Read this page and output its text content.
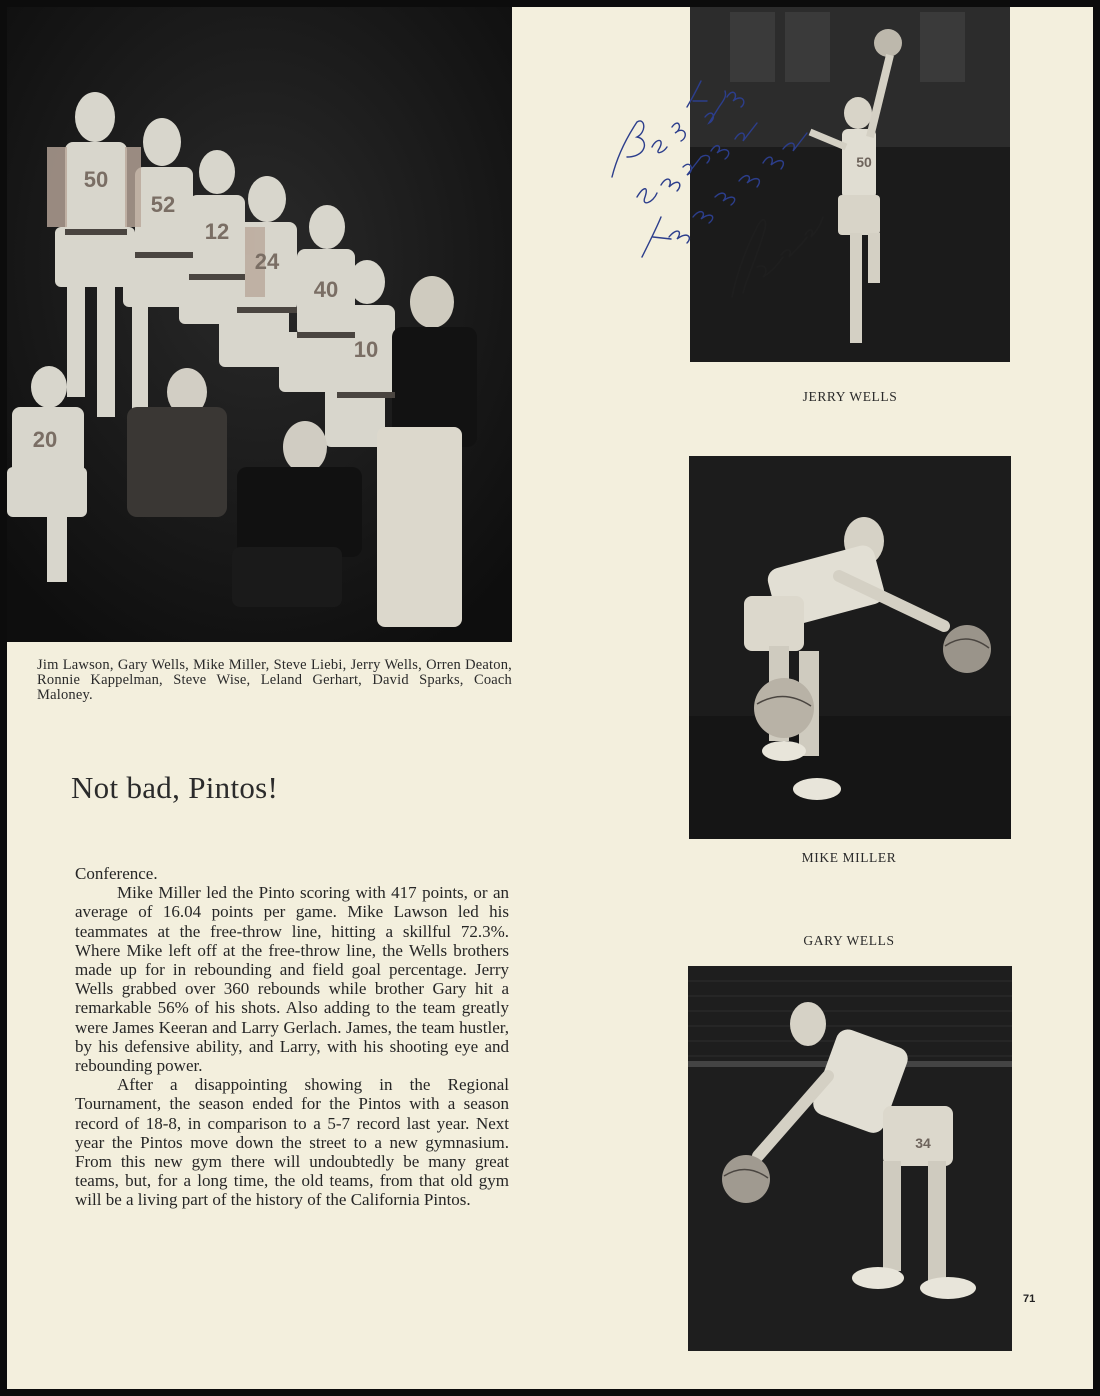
50
52
12
24
40
10
20
Jim Lawson, Gary Wells, Mike Miller, Steve Liebi, Jerry Wells, Orren Deaton, Ronnie Kappelman, Steve Wise, Leland Gerhart, David Sparks, Coach Maloney.
Not bad, Pintos!

Conference.

Mike Miller led the Pinto scoring with 417 points, or an average of 16.04 points per game. Mike Lawson led his teammates at the free-throw line, hitting a skillful 72.3%. Where Mike left off at the free-throw line, the Wells brothers made up for in rebounding and field goal percentage. Jerry Wells grabbed over 360 rebounds while brother Gary hit a remarkable 56% of his shots. Also adding to the team greatly were James Keeran and Larry Gerlach. James, the team hustler, by his defensive ability, and Larry, with his shooting eye and rebounding power.

After a disappointing showing in the Regional Tournament, the season ended for the Pintos with a season record of 18-8, in comparison to a 5-7 record last year. Next year the Pintos move down the street to a new gymnasium. From this new gym there will undoubtedly be many great teams, but, for a long time, the old teams, from that old gym will be a living part of the history of the California Pintos.

50
JERRY WELLS
MIKE MILLER
GARY WELLS
34
71
